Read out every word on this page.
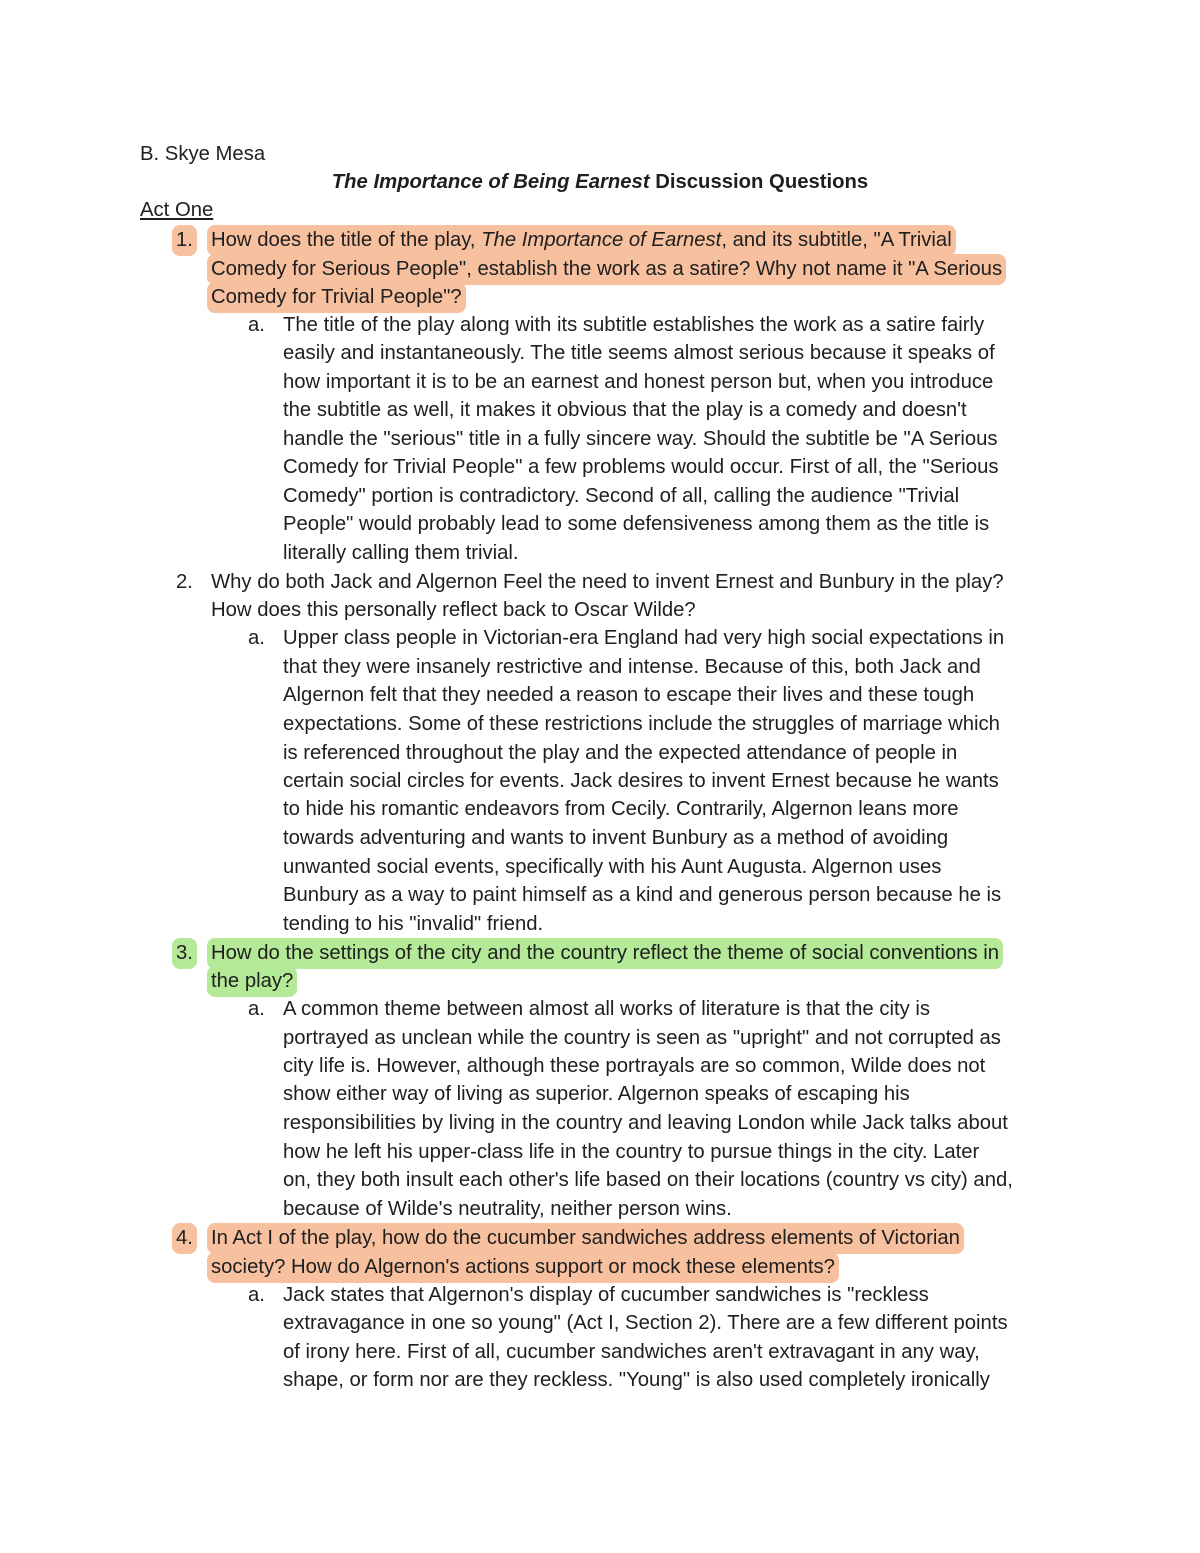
B. Skye Mesa
The Importance of Being Earnest Discussion Questions
Act One
1. How does the title of the play, The Importance of Earnest, and its subtitle, "A Trivial
Comedy for Serious People", establish the work as a satire? Why not name it "A Serious
Comedy for Trivial People"?
a. The title of the play along with its subtitle establishes the work as a satire fairly
easily and instantaneously. The title seems almost serious because it speaks of
how important it is to be an earnest and honest person but, when you introduce
the subtitle as well, it makes it obvious that the play is a comedy and doesn't
handle the "serious" title in a fully sincere way. Should the subtitle be "A Serious
Comedy for Trivial People" a few problems would occur. First of all, the "Serious
Comedy" portion is contradictory. Second of all, calling the audience "Trivial
People" would probably lead to some defensiveness among them as the title is
literally calling them trivial.
2. Why do both Jack and Algernon Feel the need to invent Ernest and Bunbury in the play?
How does this personally reflect back to Oscar Wilde?
a. Upper class people in Victorian-era England had very high social expectations in
that they were insanely restrictive and intense. Because of this, both Jack and
Algernon felt that they needed a reason to escape their lives and these tough
expectations. Some of these restrictions include the struggles of marriage which
is referenced throughout the play and the expected attendance of people in
certain social circles for events. Jack desires to invent Ernest because he wants
to hide his romantic endeavors from Cecily. Contrarily, Algernon leans more
towards adventuring and wants to invent Bunbury as a method of avoiding
unwanted social events, specifically with his Aunt Augusta. Algernon uses
Bunbury as a way to paint himself as a kind and generous person because he is
tending to his "invalid" friend.
3. How do the settings of the city and the country reflect the theme of social conventions in
the play?
a. A common theme between almost all works of literature is that the city is
portrayed as unclean while the country is seen as "upright" and not corrupted as
city life is. However, although these portrayals are so common, Wilde does not
show either way of living as superior. Algernon speaks of escaping his
responsibilities by living in the country and leaving London while Jack talks about
how he left his upper-class life in the country to pursue things in the city. Later
on, they both insult each other's life based on their locations (country vs city) and,
because of Wilde's neutrality, neither person wins.
4. In Act I of the play, how do the cucumber sandwiches address elements of Victorian
society? How do Algernon's actions support or mock these elements?
a. Jack states that Algernon's display of cucumber sandwiches is "reckless
extravagance in one so young" (Act I, Section 2). There are a few different points
of irony here. First of all, cucumber sandwiches aren't extravagant in any way,
shape, or form nor are they reckless. "Young" is also used completely ironically
